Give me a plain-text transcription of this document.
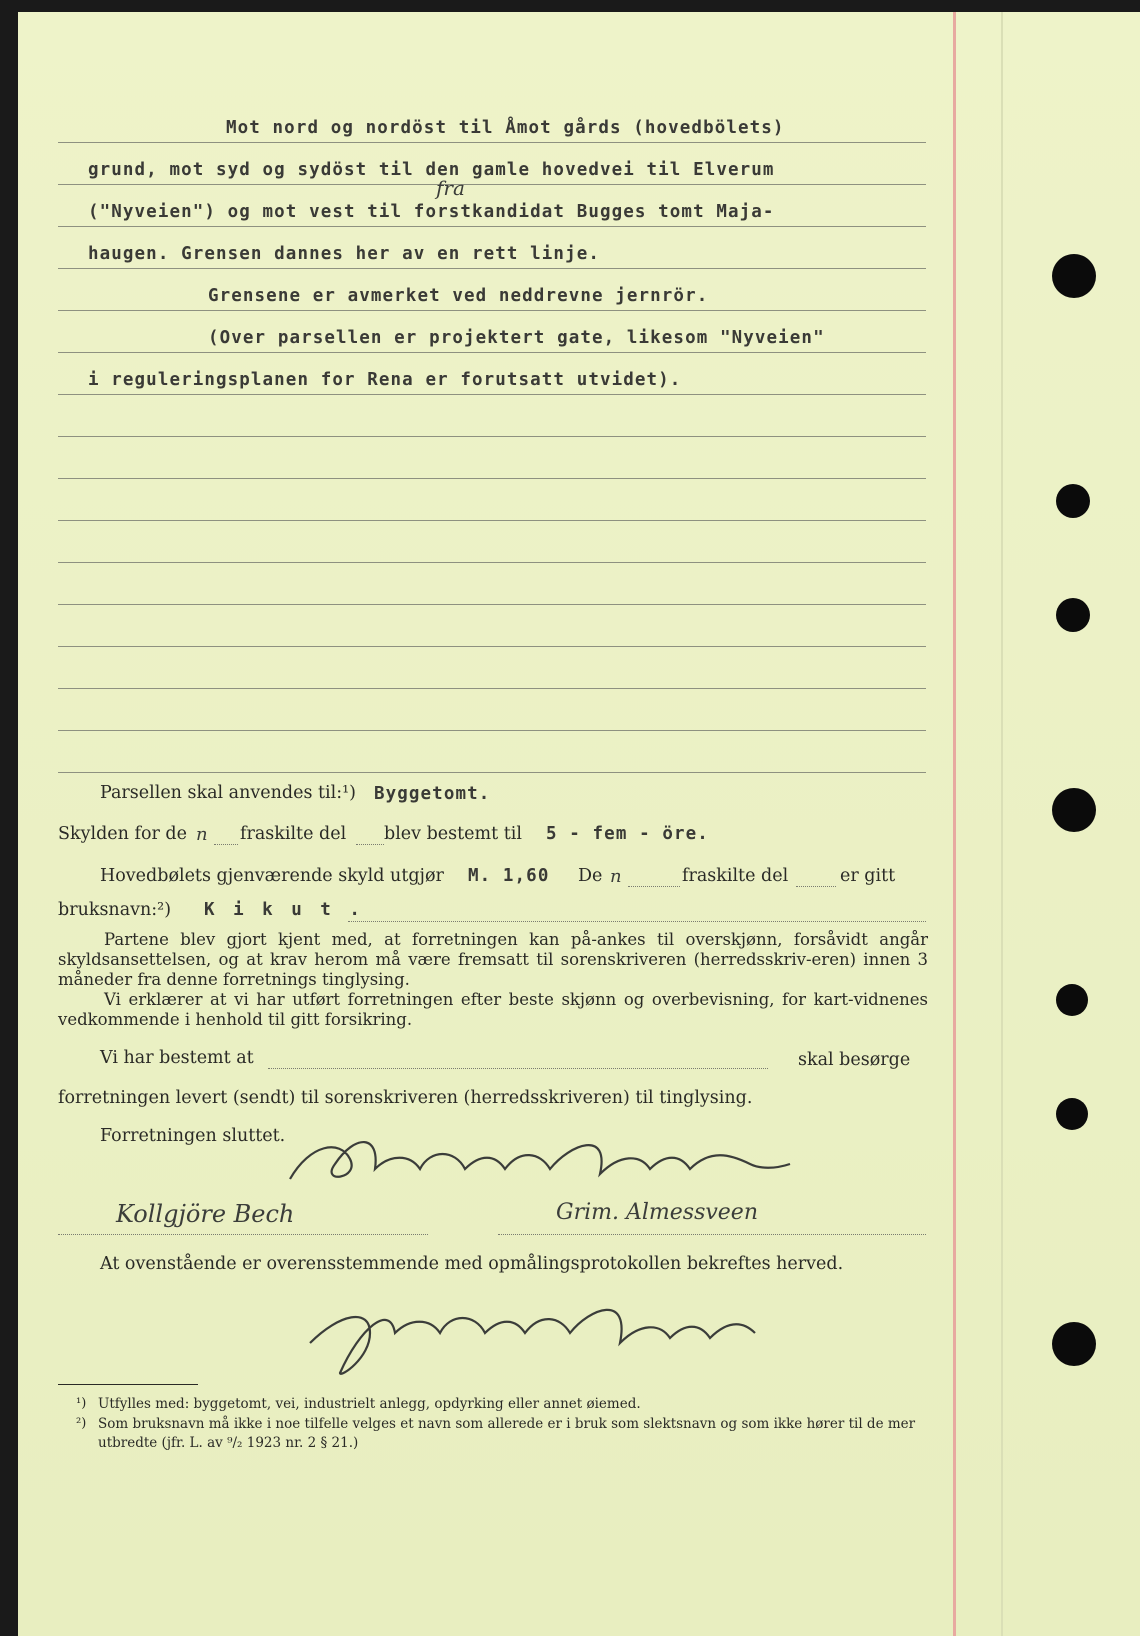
Mot nord og nordöst til Åmot gårds (hovedbölets)
grund, mot syd og sydöst til den gamle hovedvei til Elverum
("Nyveien") og mot vest til forstkandidat Bugges tomt Maja-
haugen. Grensen dannes her av en rett linje.
Grensene er avmerket ved neddrevne jernrör.
(Over parsellen er projektert gate, likesom "Nyveien"
i reguleringsplanen for Rena er forutsatt utvidet).
fra
Parsellen skal anvendes til:¹) Byggetomt.
Skylden for de n fraskilte del blev bestemt til 5 - fem - öre.
Hovedbølets gjenværende skyld utgjør M. 1,60 De n	fraskilte del	er gitt
bruksnavn:²) K i k u t .
Partene blev gjort kjent med, at forretningen kan på-ankes til overskjønn, forsåvidt angår skyldsansettelsen, og at krav herom må være fremsatt til sorenskriveren (herredsskriv-eren) innen 3 måneder fra denne forretnings tinglysing.
Vi erklærer at vi har utført forretningen efter beste skjønn og overbevisning, for kart-vidnenes vedkommende i henhold til gitt forsikring.
Vi har bestemt at	skal besørge
forretningen levert (sendt) til sorenskriveren (herredsskriveren) til tinglysing.
Forretningen sluttet.
Kollgjöre Bech	Grim. Almessveen
At ovenstående er overensstemmende med opmålingsprotokollen bekreftes herved.
¹) Utfylles med: byggetomt, vei, industrielt anlegg, opdyrking eller annet øiemed.
²) Som bruksnavn må ikke i noe tilfelle velges et navn som allerede er i bruk som slektsnavn og som ikke hører til de mer utbredte (jfr. L. av ⁹/₂ 1923 nr. 2 § 21.)
